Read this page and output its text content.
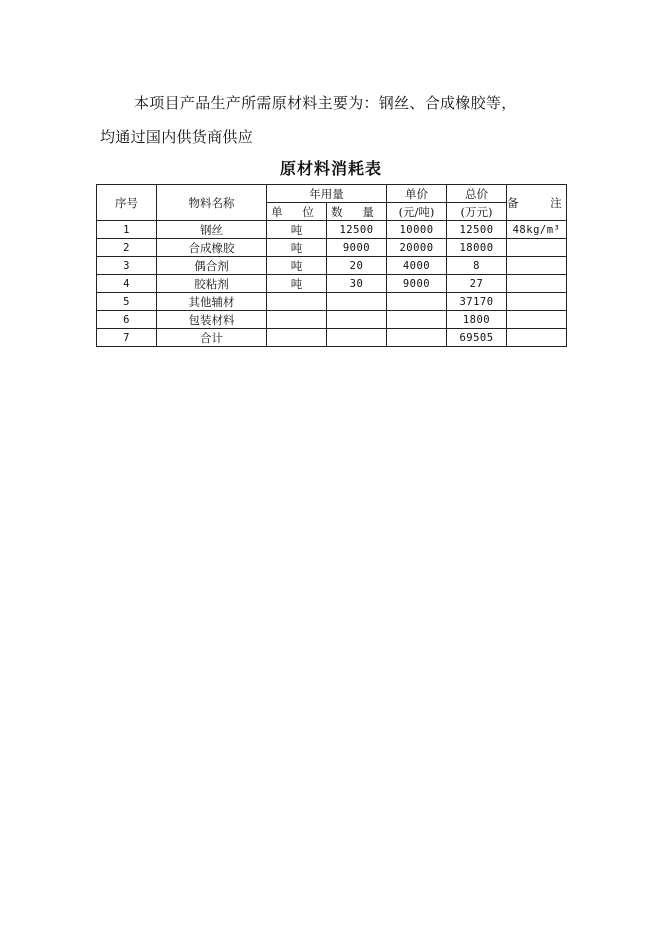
本项目产品生产所需原材料主要为：钢丝、合成橡胶等，
均通过国内供货商供应
原材料消耗表
序号	物料名称	年用量		单价	总价	备 注
		单 位	数 量	(元/吨)	(万元)	
1	钢丝	吨	12500	10000	12500	48kg/m³
2	合成橡胶	吨	9000	20000	18000	
3	偶合剂	吨	20	4000	8	
4	胶粘剂	吨	30	9000	27	
5	其他辅材				37170	
6	包装材料				1800	
7	合计				69505	
